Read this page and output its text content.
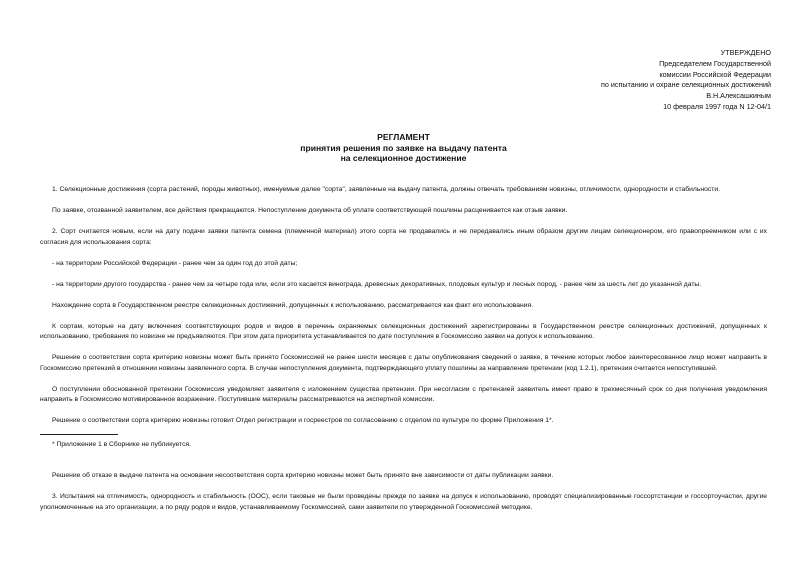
УТВЕРЖДЕНО
Председателем Государственной
комиссии Российской Федерации
по испытанию и охране селекционных достижений
В.Н.Алексашкиным
10 февраля 1997 года N 12-04/1
РЕГЛАМЕНТ
принятия решения по заявке на выдачу патента
на селекционное достижение

1. Селекционные достижения (сорта растений, породы животных), именуемые далее "сорта", заявленные на выдачу патента, должны отвечать требованиям новизны, отличимости, однородности и стабильности.

По заявке, отозванной заявителем, все действия прекращаются. Непоступление документа об уплате соответствующей пошлины расценивается как отзыв заявки.

2. Сорт считается новым, если на дату подачи заявки патента семена (племенной материал) этого сорта не продавались и не передавались иным образом другим лицам селекционером, его правопреемником или с их согласия для использования сорта:

- на территории Российской Федерации - ранее чем за один год до этой даты;

- на территории другого государства - ранее чем за четыре года или, если это касается винограда, древесных декоративных, плодовых культур и лесных пород, - ранее чем за шесть лет до указанной даты.

Нахождение сорта в Государственном реестре селекционных достижений, допущенных к использованию, рассматривается как факт его использования.

К сортам, которые на дату включения соответствующих родов и видов в перечень охраняемых селекционных достижений зарегистрированы в Государственном реестре селекционных достижений, допущенных к использованию, требования по новизне не предъявляются. При этом дата приоритета устанавливается по дате поступления в Госкомиссию заявки на допуск к использованию.

Решение о соответствии сорта критерию новизны может быть принято Госкомиссией не ранее шести месяцев с даты опубликования сведений о заявке, в течение которых любое заинтересованное лицо может направить в Госкомиссию претензий в отношении новизны заявленного сорта. В случае непоступления документа, подтверждающего уплату пошлины за направление претензии (код 1.2.1), претензия считается непоступившей.

О поступлении обоснованной претензии Госкомиссия уведомляет заявителя с изложением существа претензии. При несогласии с претензией заявитель имеет право в трехмесячный срок со дня получения уведомления направить в Госкомиссию мотивированное возражение. Поступившие материалы рассматриваются на экспертной комиссии.

Решение о соответствии сорта критерию новизны готовит Отдел регистрации и госреестров по согласованию с отделом по культуре по форме Приложения 1*.

* Приложение 1 в Сборнике не публикуется.

Решение об отказе в выдаче патента на основании несоответствия сорта критерию новизны может быть принято вне зависимости от даты публикации заявки.

3. Испытания на отличимость, однородность и стабильность (ООС), если таковые не были проведены прежде по заявке на допуск к использованию, проводят специализированные госсортстанции и госсортоучастки, другие уполномоченные на это организации, а по ряду родов и видов, устанавливаемому Госкомиссией, сами заявители по утвержденной Госкомиссией методике.
